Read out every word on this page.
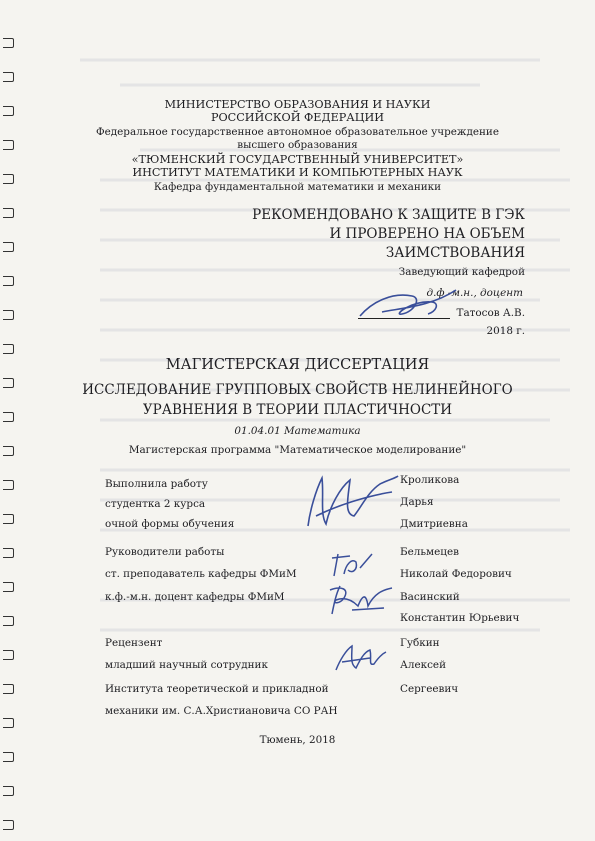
МИНИСТЕРСТВО ОБРАЗОВАНИЯ И НАУКИ
РОССИЙСКОЙ ФЕДЕРАЦИИ
Федеральное государственное автономное образовательное учреждение
высшего образования
«ТЮМЕНСКИЙ ГОСУДАРСТВЕННЫЙ УНИВЕРСИТЕТ»
ИНСТИТУТ МАТЕМАТИКИ И КОМПЬЮТЕРНЫХ НАУК
Кафедра фундаментальной математики и механики
РЕКОМЕНДОВАНО К ЗАЩИТЕ В ГЭК
И ПРОВЕРЕНО НА ОБЪЕМ
ЗАИМСТВОВАНИЯ
Заведующий кафедрой
д.ф.-м.н., доцент
Татосов А.В.
2018 г.
МАГИСТЕРСКАЯ ДИССЕРТАЦИЯ
ИССЛЕДОВАНИЕ ГРУППОВЫХ СВОЙСТВ НЕЛИНЕЙНОГО
УРАВНЕНИЯ В ТЕОРИИ ПЛАСТИЧНОСТИ
01.04.01 Математика
Магистерская программа "Математическое моделирование"
Выполнила работу
студентка 2 курса
очной формы обучения
Кроликова
Дарья
Дмитриевна
Руководители работы
ст. преподаватель кафедры ФМиМ
к.ф.-м.н. доцент кафедры ФМиМ
Бельмецев
Николай Федорович
Васинский
Константин Юрьевич
Рецензент
младший научный сотрудник
Института теоретической и прикладной
механики им. С.А.Христиановича СО РАН
Губкин
Алексей
Сергеевич
Тюмень, 2018
